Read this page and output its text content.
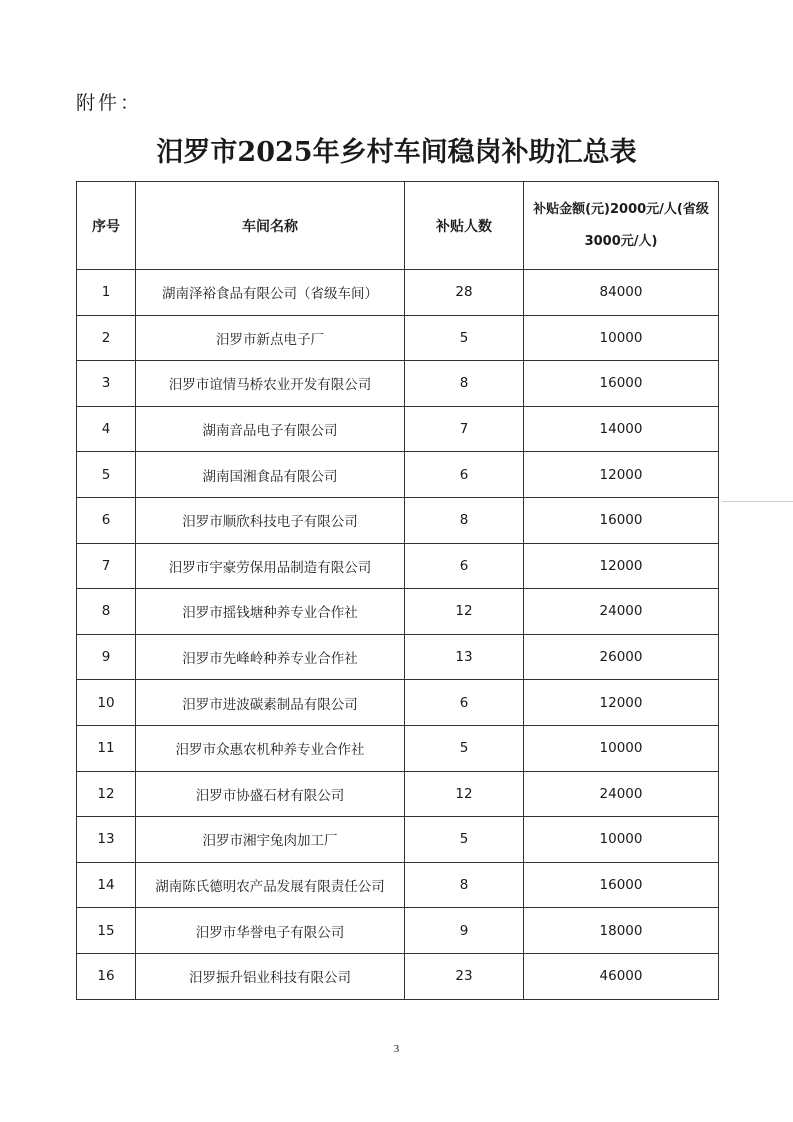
附件：
汨罗市2025年乡村车间稳岗补助汇总表
序号	车间名称	补贴人数	补贴金额(元)2000元/人(省级3000元/人)
1	湖南泽裕食品有限公司（省级车间）	28	84000
2	汨罗市新点电子厂	5	10000
3	汨罗市谊情马桥农业开发有限公司	8	16000
4	湖南音品电子有限公司	7	14000
5	湖南国湘食品有限公司	6	12000
6	汨罗市顺欣科技电子有限公司	8	16000
7	汨罗市宇豪劳保用品制造有限公司	6	12000
8	汨罗市摇钱塘种养专业合作社	12	24000
9	汨罗市先峰岭种养专业合作社	13	26000
10	汨罗市进波碳素制品有限公司	6	12000
11	汨罗市众惠农机种养专业合作社	5	10000
12	汨罗市协盛石材有限公司	12	24000
13	汨罗市湘宇兔肉加工厂	5	10000
14	湖南陈氏德明农产品发展有限责任公司	8	16000
15	汨罗市华誉电子有限公司	9	18000
16	汨罗振升铝业科技有限公司	23	46000
3
